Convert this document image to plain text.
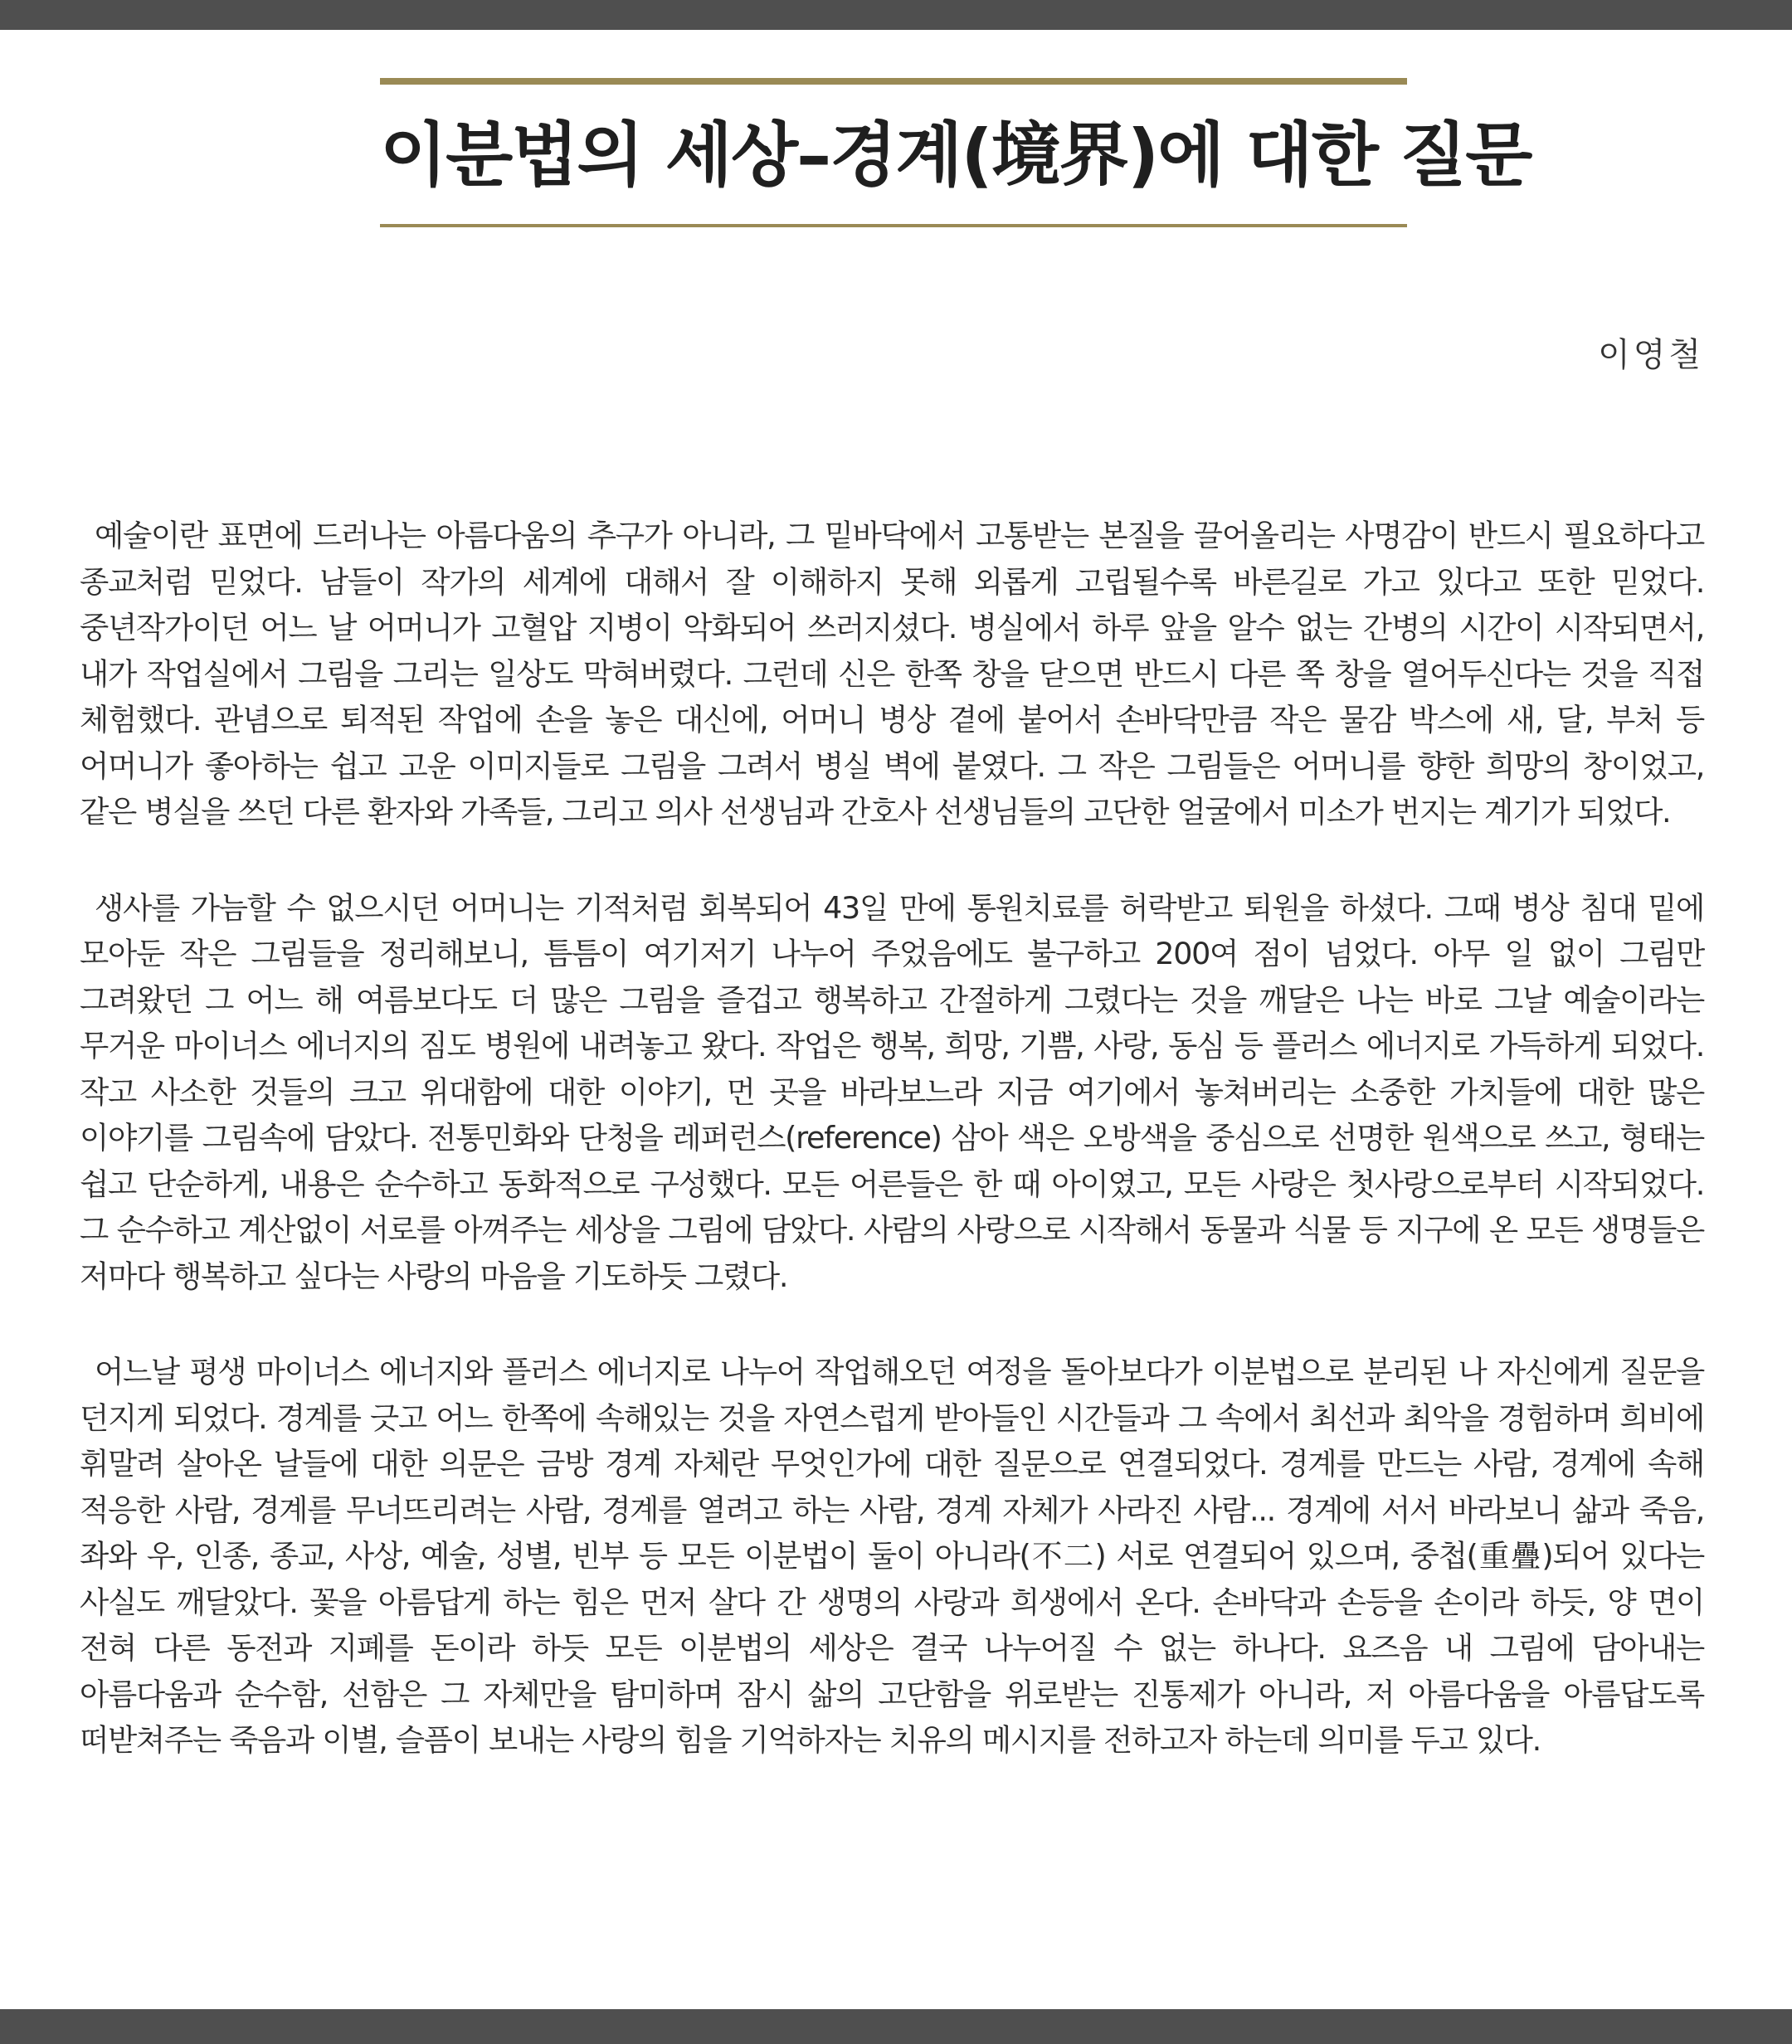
이분법의 세상–경계(境界)에 대한 질문
이영철

예술이란 표면에 드러나는 아름다움의 추구가 아니라, 그 밑바닥에서 고통받는 본질을 끌어올리는 사명감이 반드시 필요하다고 종교처럼 믿었다. 남들이 작가의 세계에 대해서 잘 이해하지 못해 외롭게 고립될수록 바른길로 가고 있다고 또한 믿었다. 중년작가이던 어느 날 어머니가 고혈압 지병이 악화되어 쓰러지셨다. 병실에서 하루 앞을 알수 없는 간병의 시간이 시작되면서, 내가 작업실에서 그림을 그리는 일상도 막혀버렸다. 그런데 신은 한쪽 창을 닫으면 반드시 다른 쪽 창을 열어두신다는 것을 직접 체험했다. 관념으로 퇴적된 작업에 손을 놓은 대신에, 어머니 병상 곁에 붙어서 손바닥만큼 작은 물감 박스에 새, 달, 부처 등 어머니가 좋아하는 쉽고 고운 이미지들로 그림을 그려서 병실 벽에 붙였다. 그 작은 그림들은 어머니를 향한 희망의 창이었고, 같은 병실을 쓰던 다른 환자와 가족들, 그리고 의사 선생님과 간호사 선생님들의 고단한 얼굴에서 미소가 번지는 계기가 되었다.

생사를 가늠할 수 없으시던 어머니는 기적처럼 회복되어 43일 만에 통원치료를 허락받고 퇴원을 하셨다. 그때 병상 침대 밑에 모아둔 작은 그림들을 정리해보니, 틈틈이 여기저기 나누어 주었음에도 불구하고 200여 점이 넘었다. 아무 일 없이 그림만 그려왔던 그 어느 해 여름보다도 더 많은 그림을 즐겁고 행복하고 간절하게 그렸다는 것을 깨달은 나는 바로 그날 예술이라는 무거운 마이너스 에너지의 짐도 병원에 내려놓고 왔다. 작업은 행복, 희망, 기쁨, 사랑, 동심 등 플러스 에너지로 가득하게 되었다. 작고 사소한 것들의 크고 위대함에 대한 이야기, 먼 곳을 바라보느라 지금 여기에서 놓쳐버리는 소중한 가치들에 대한 많은 이야기를 그림속에 담았다. 전통민화와 단청을 레퍼런스(reference) 삼아 색은 오방색을 중심으로 선명한 원색으로 쓰고, 형태는 쉽고 단순하게, 내용은 순수하고 동화적으로 구성했다. 모든 어른들은 한 때 아이였고, 모든 사랑은 첫사랑으로부터 시작되었다. 그 순수하고 계산없이 서로를 아껴주는 세상을 그림에 담았다. 사람의 사랑으로 시작해서 동물과 식물 등 지구에 온 모든 생명들은 저마다 행복하고 싶다는 사랑의 마음을 기도하듯 그렸다.

어느날 평생 마이너스 에너지와 플러스 에너지로 나누어 작업해오던 여정을 돌아보다가 이분법으로 분리된 나 자신에게 질문을 던지게 되었다. 경계를 긋고 어느 한쪽에 속해있는 것을 자연스럽게 받아들인 시간들과 그 속에서 최선과 최악을 경험하며 희비에 휘말려 살아온 날들에 대한 의문은 금방 경계 자체란 무엇인가에 대한 질문으로 연결되었다. 경계를 만드는 사람, 경계에 속해 적응한 사람, 경계를 무너뜨리려는 사람, 경계를 열려고 하는 사람, 경계 자체가 사라진 사람... 경계에 서서 바라보니 삶과 죽음, 좌와 우, 인종, 종교, 사상, 예술, 성별, 빈부 등 모든 이분법이 둘이 아니라(不二) 서로 연결되어 있으며, 중첩(重疊)되어 있다는 사실도 깨달았다. 꽃을 아름답게 하는 힘은 먼저 살다 간 생명의 사랑과 희생에서 온다. 손바닥과 손등을 손이라 하듯, 양 면이 전혀 다른 동전과 지폐를 돈이라 하듯 모든 이분법의 세상은 결국 나누어질 수 없는 하나다. 요즈음 내 그림에 담아내는 아름다움과 순수함, 선함은 그 자체만을 탐미하며 잠시 삶의 고단함을 위로받는 진통제가 아니라, 저 아름다움을 아름답도록 떠받쳐주는 죽음과 이별, 슬픔이 보내는 사랑의 힘을 기억하자는 치유의 메시지를 전하고자 하는데 의미를 두고 있다.
